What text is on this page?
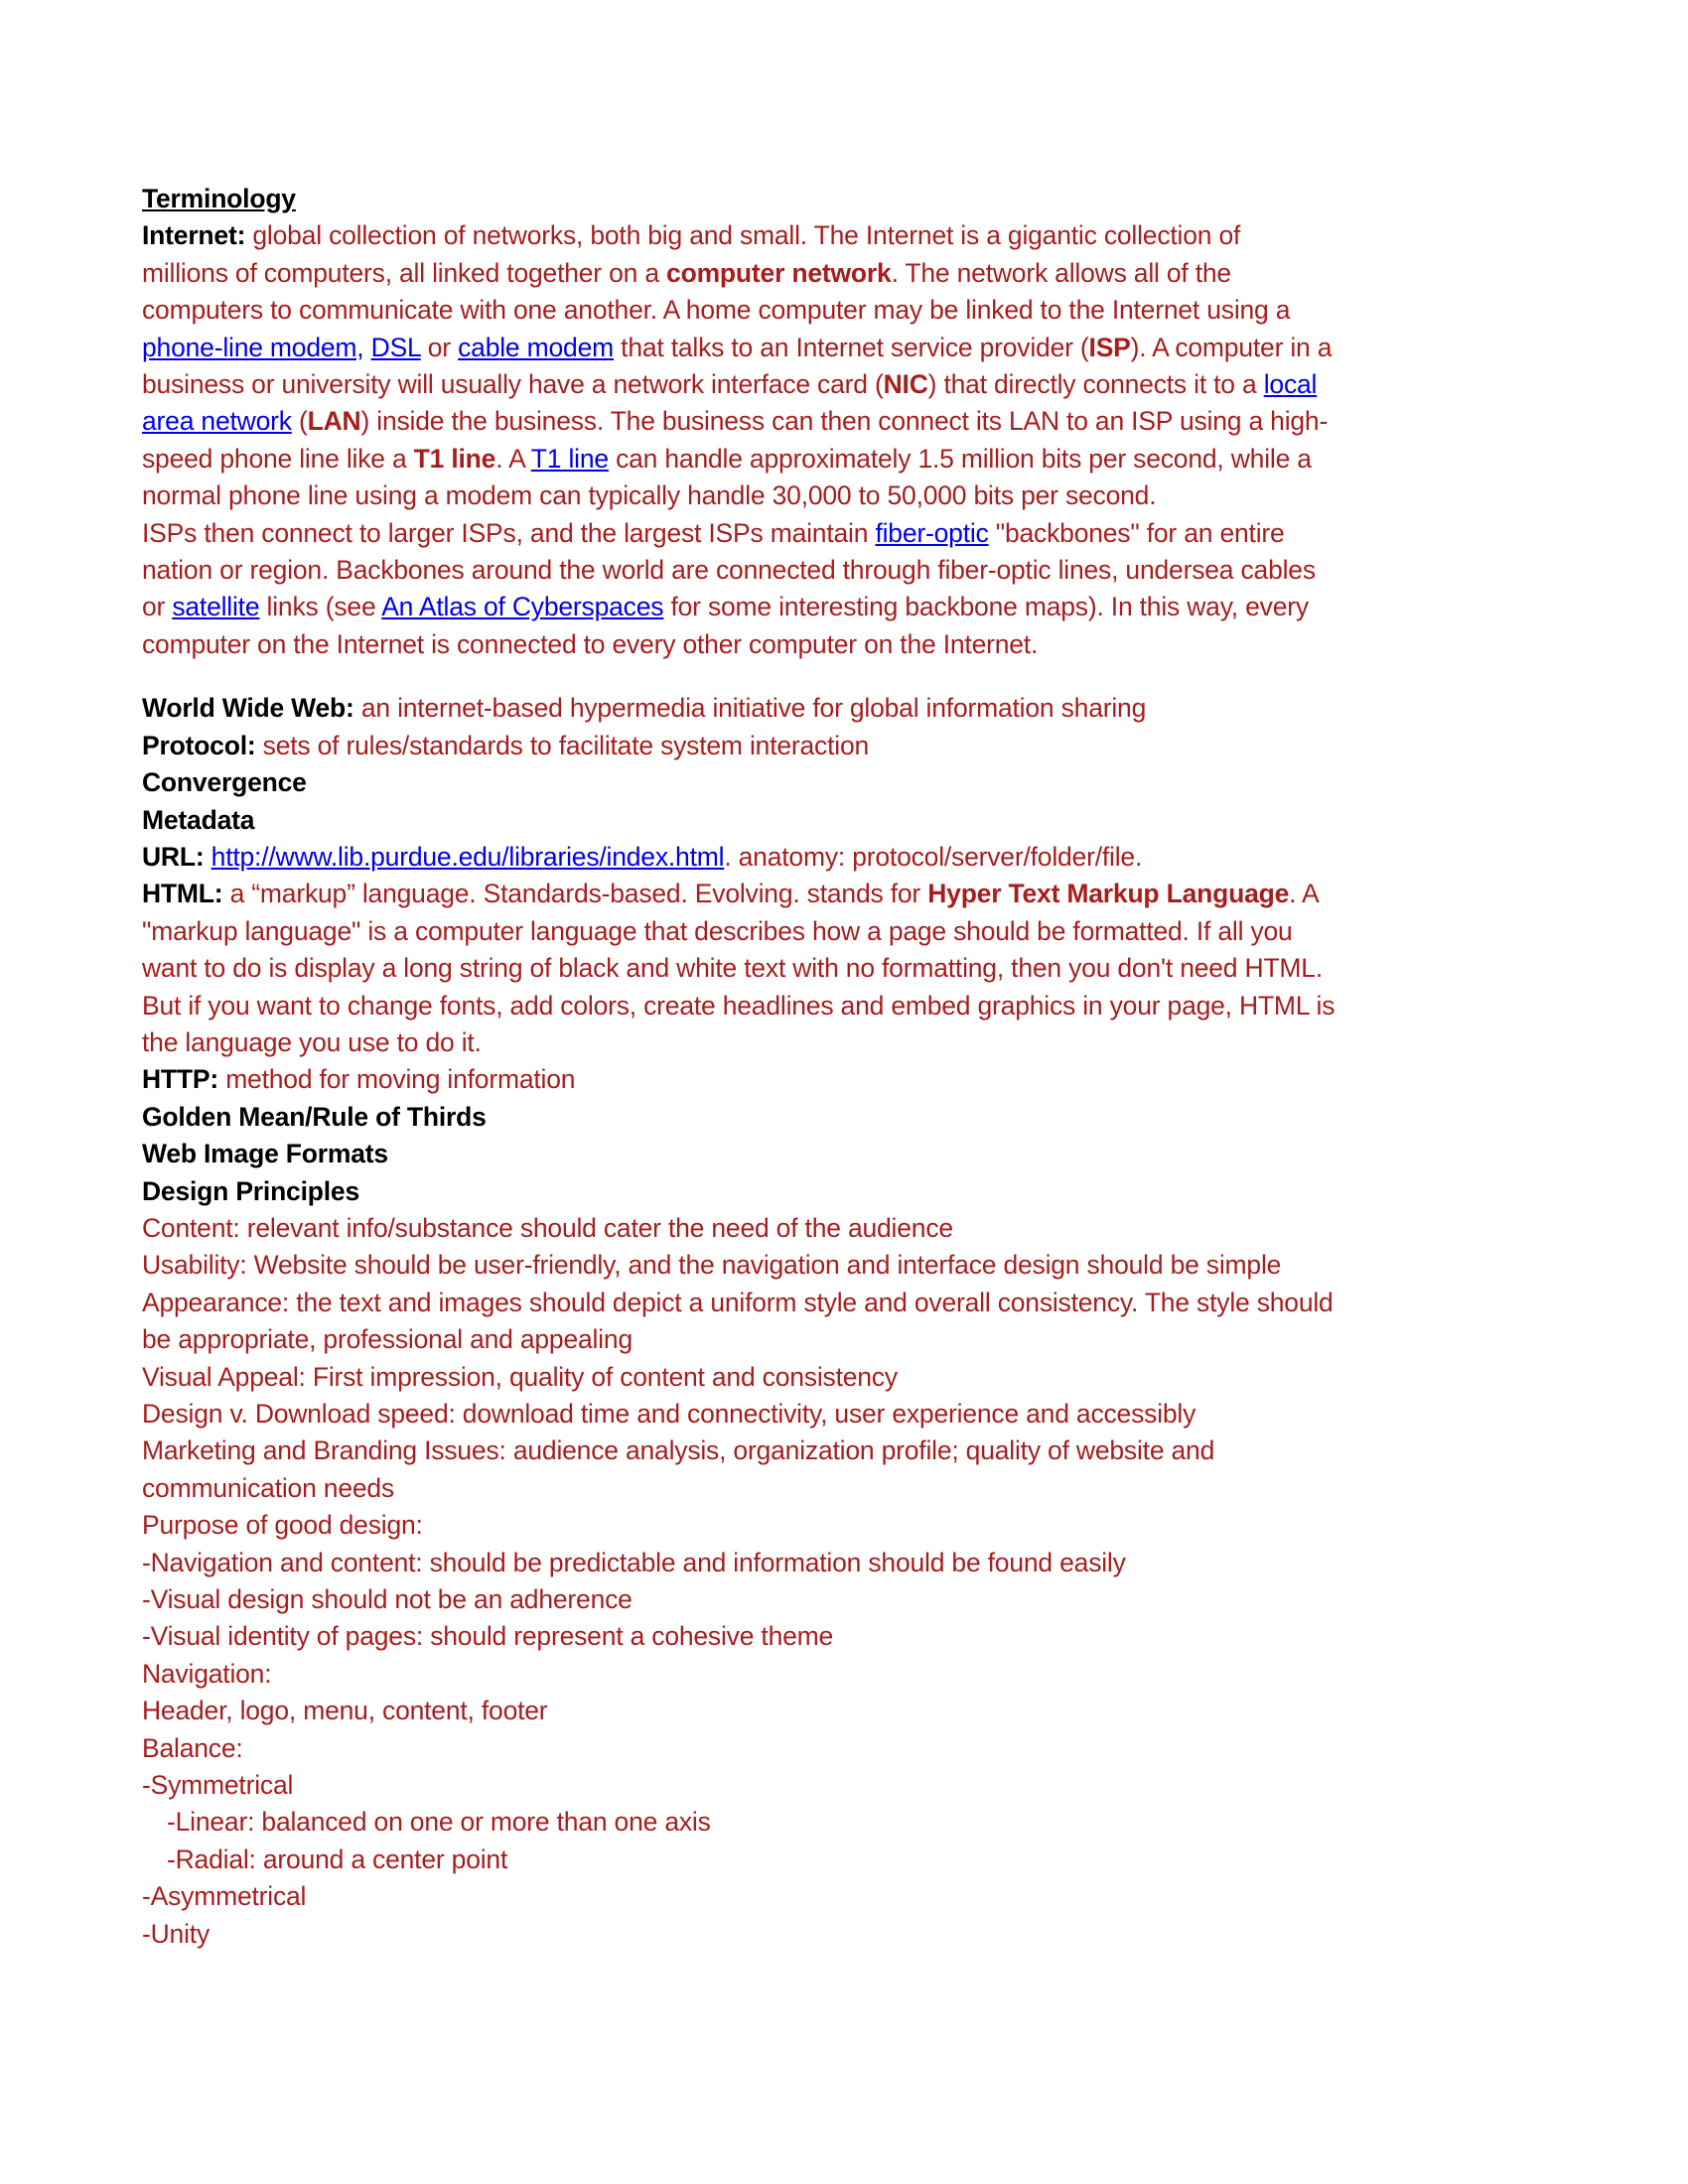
Terminology
Internet: global collection of networks, both big and small. The Internet is a gigantic collection of
millions of computers, all linked together on a computer network. The network allows all of the
computers to communicate with one another. A home computer may be linked to the Internet using a
phone-line modem, DSL or cable modem that talks to an Internet service provider (ISP). A computer in a
business or university will usually have a network interface card (NIC) that directly connects it to a local
area network (LAN) inside the business. The business can then connect its LAN to an ISP using a high-
speed phone line like a T1 line. A T1 line can handle approximately 1.5 million bits per second, while a
normal phone line using a modem can typically handle 30,000 to 50,000 bits per second.
ISPs then connect to larger ISPs, and the largest ISPs maintain fiber-optic "backbones" for an entire
nation or region. Backbones around the world are connected through fiber-optic lines, undersea cables
or satellite links (see An Atlas of Cyberspaces for some interesting backbone maps). In this way, every
computer on the Internet is connected to every other computer on the Internet.
World Wide Web: an internet-based hypermedia initiative for global information sharing
Protocol: sets of rules/standards to facilitate system interaction
Convergence
Metadata
URL: http://www.lib.purdue.edu/libraries/index.html. anatomy: protocol/server/folder/file.
HTML: a “markup” language. Standards-based. Evolving. stands for Hyper Text Markup Language. A
"markup language" is a computer language that describes how a page should be formatted. If all you
want to do is display a long string of black and white text with no formatting, then you don't need HTML.
But if you want to change fonts, add colors, create headlines and embed graphics in your page, HTML is
the language you use to do it.
HTTP: method for moving information
Golden Mean/Rule of Thirds
Web Image Formats
Design Principles
Content: relevant info/substance should cater the need of the audience
Usability: Website should be user-friendly, and the navigation and interface design should be simple
Appearance: the text and images should depict a uniform style and overall consistency. The style should
be appropriate, professional and appealing
Visual Appeal: First impression, quality of content and consistency
Design v. Download speed: download time and connectivity, user experience and accessibly
Marketing and Branding Issues: audience analysis, organization profile; quality of website and
communication needs
Purpose of good design:
-Navigation and content: should be predictable and information should be found easily
-Visual design should not be an adherence
-Visual identity of pages: should represent a cohesive theme
Navigation:
Header, logo, menu, content, footer
Balance:
-Symmetrical
-Linear: balanced on one or more than one axis
-Radial: around a center point
-Asymmetrical
-Unity
